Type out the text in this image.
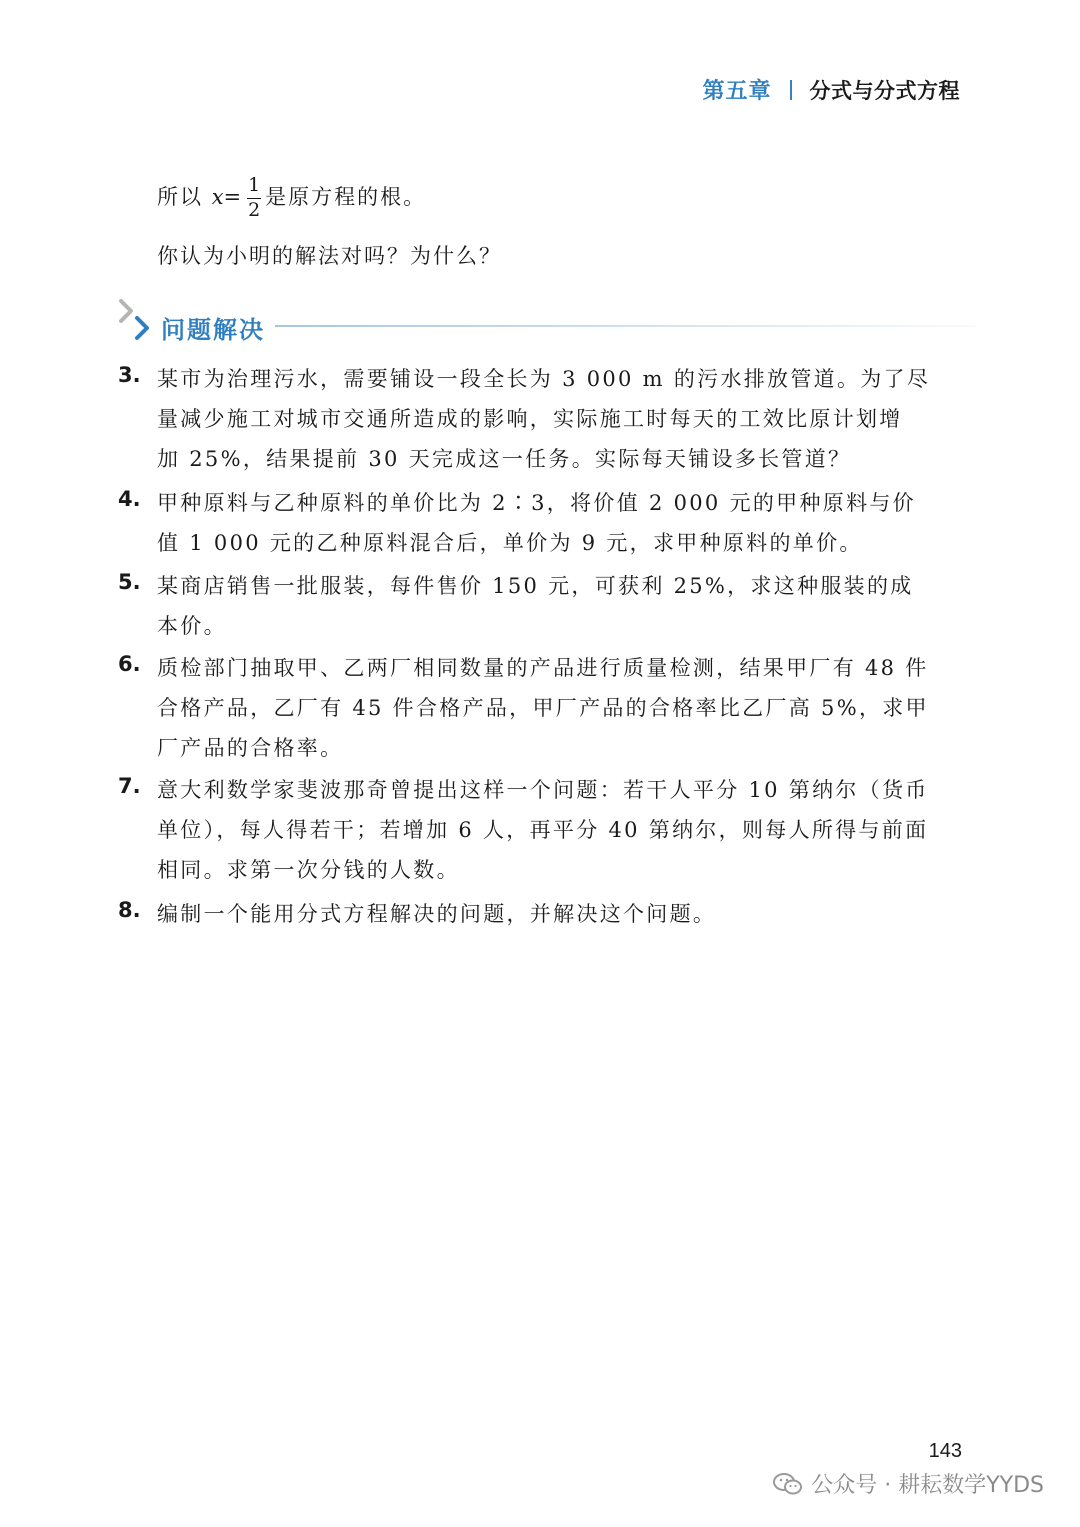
第五章 分式与分式方程
所以 $x= \frac{1}{2}$ 是原方程的根。
你认为小明的解法对吗？为什么？
问题解决
3. 某市为治理污水，需要铺设一段全长为 3 000 m 的污水排放管道。为了尽
量减少施工对城市交通所造成的影响，实际施工时每天的工效比原计划增
加 25%，结果提前 30 天完成这一任务。实际每天铺设多长管道？
4. 甲种原料与乙种原料的单价比为 2∶3，将价值 2 000 元的甲种原料与价
值 1 000 元的乙种原料混合后，单价为 9 元，求甲种原料的单价。
5. 某商店销售一批服装，每件售价 150 元，可获利 25%，求这种服装的成
本价。
6. 质检部门抽取甲、乙两厂相同数量的产品进行质量检测，结果甲厂有 48 件
合格产品，乙厂有 45 件合格产品，甲厂产品的合格率比乙厂高 5%，求甲
厂产品的合格率。
7. 意大利数学家斐波那奇曾提出这样一个问题：若干人平分 10 第纳尔（货币
单位），每人得若干；若增加 6 人，再平分 40 第纳尔，则每人所得与前面
相同。求第一次分钱的人数。
8. 编制一个能用分式方程解决的问题，并解决这个问题。
143
公众号 · 耕耘数学YYDS
